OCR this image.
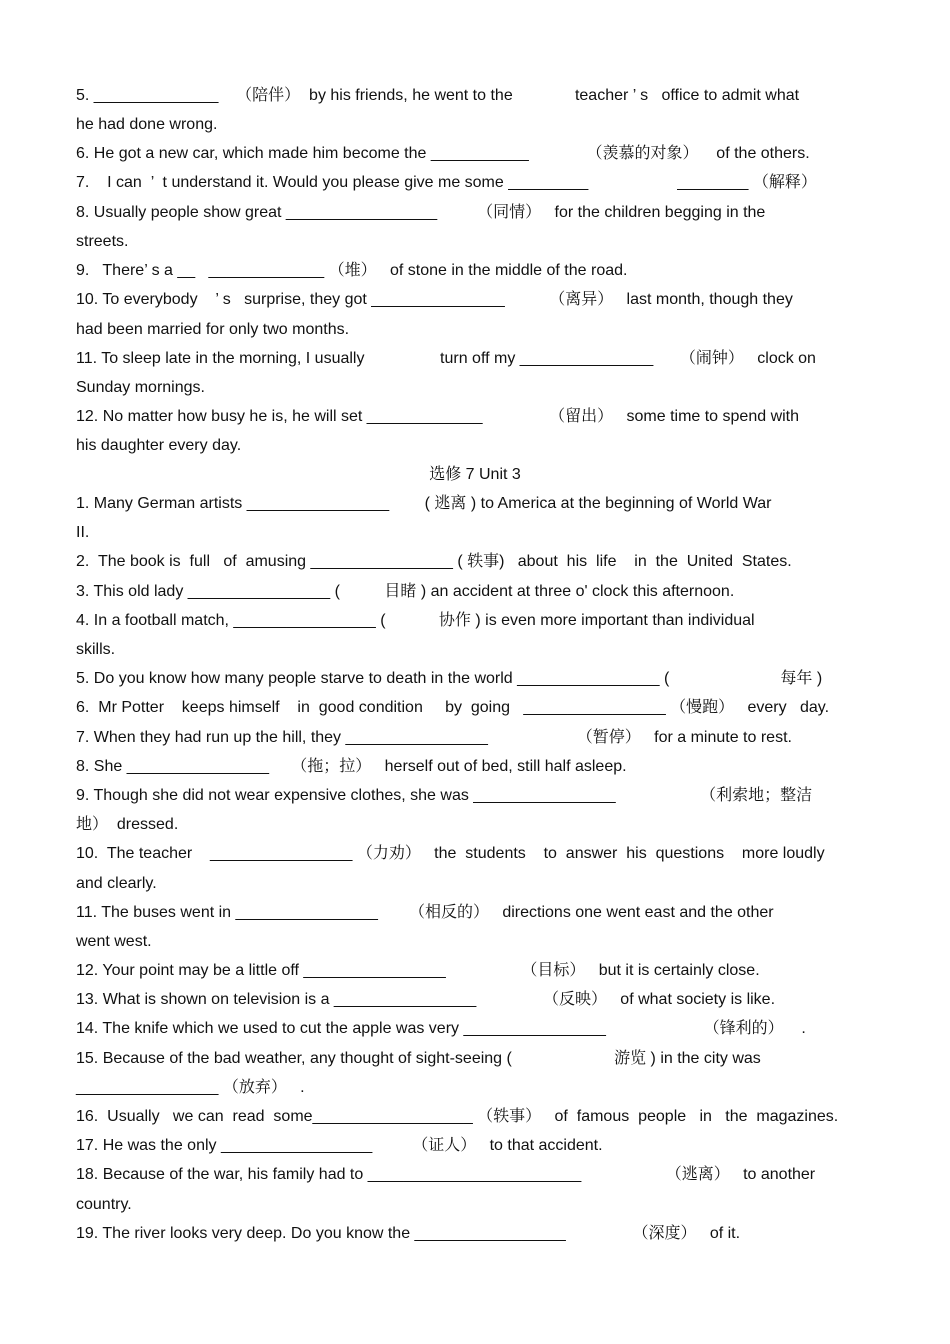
5. ______________    （陪伴）  by his friends, he went to the              teacher ’ s   office to admit what
he had done wrong.
6. He got a new car, which made him become the ___________             （羡慕的对象）    of the others.
7.    I can  ’  t understand it. Would you please give me some _________                    ________ （解释）
8. Usually people show great _________________         （同情）   for the children begging in the
streets.
9.   There’ s a __   _____________ （堆）   of stone in the middle of the road.
10. To everybody    ’ s   surprise, they got _______________          （离异）   last month, though they
had been married for only two months.
11. To sleep late in the morning, I usually                 turn off my _______________      （闹钟）   clock on
Sunday mornings.
12. No matter how busy he is, he will set _____________               （留出）   some time to spend with
his daughter every day.
选修 7 Unit 3
1. Many German artists ________________        ( 逃离 ) to America at the beginning of World War
II.
2.  The book is  full   of  amusing ________________ ( 轶事)   about  his  life    in  the  United  States.
3. This old lady ________________ (          目睹 ) an accident at three o' clock this afternoon.
4. In a football match, ________________ (            协作 ) is even more important than individual
skills.
5. Do you know how many people starve to death in the world ________________ (                         每年 )
6.  Mr Potter    keeps himself    in  good condition     by  going   ________________ （慢跑）   every   day.
7. When they had run up the hill, they ________________                    （暂停）   for a minute to rest.
8. She ________________     （拖；拉）   herself out of bed, still half asleep.
9. Though she did not wear expensive clothes, she was ________________                   （利索地；整洁
地）  dressed.
10.  The teacher    ________________ （力劝）   the  students    to  answer  his  questions    more loudly
and clearly.
11. The buses went in ________________       （相反的）   directions one went east and the other
went west.
12. Your point may be a little off ________________                 （目标）   but it is certainly close.
13. What is shown on television is a ________________               （反映）   of what society is like.
14. The knife which we used to cut the apple was very ________________                      （锋利的）    .
15. Because of the bad weather, any thought of sight-seeing (                       游览 ) in the city was
________________ （放弃）   .
16.  Usually   we can  read  some__________________ （轶事）   of  famous  people   in   the  magazines.
17. He was the only _________________         （证人）   to that accident.
18. Because of the war, his family had to ________________________                   （逃离）   to another
country.
19. The river looks very deep. Do you know the _________________               （深度）   of it.
